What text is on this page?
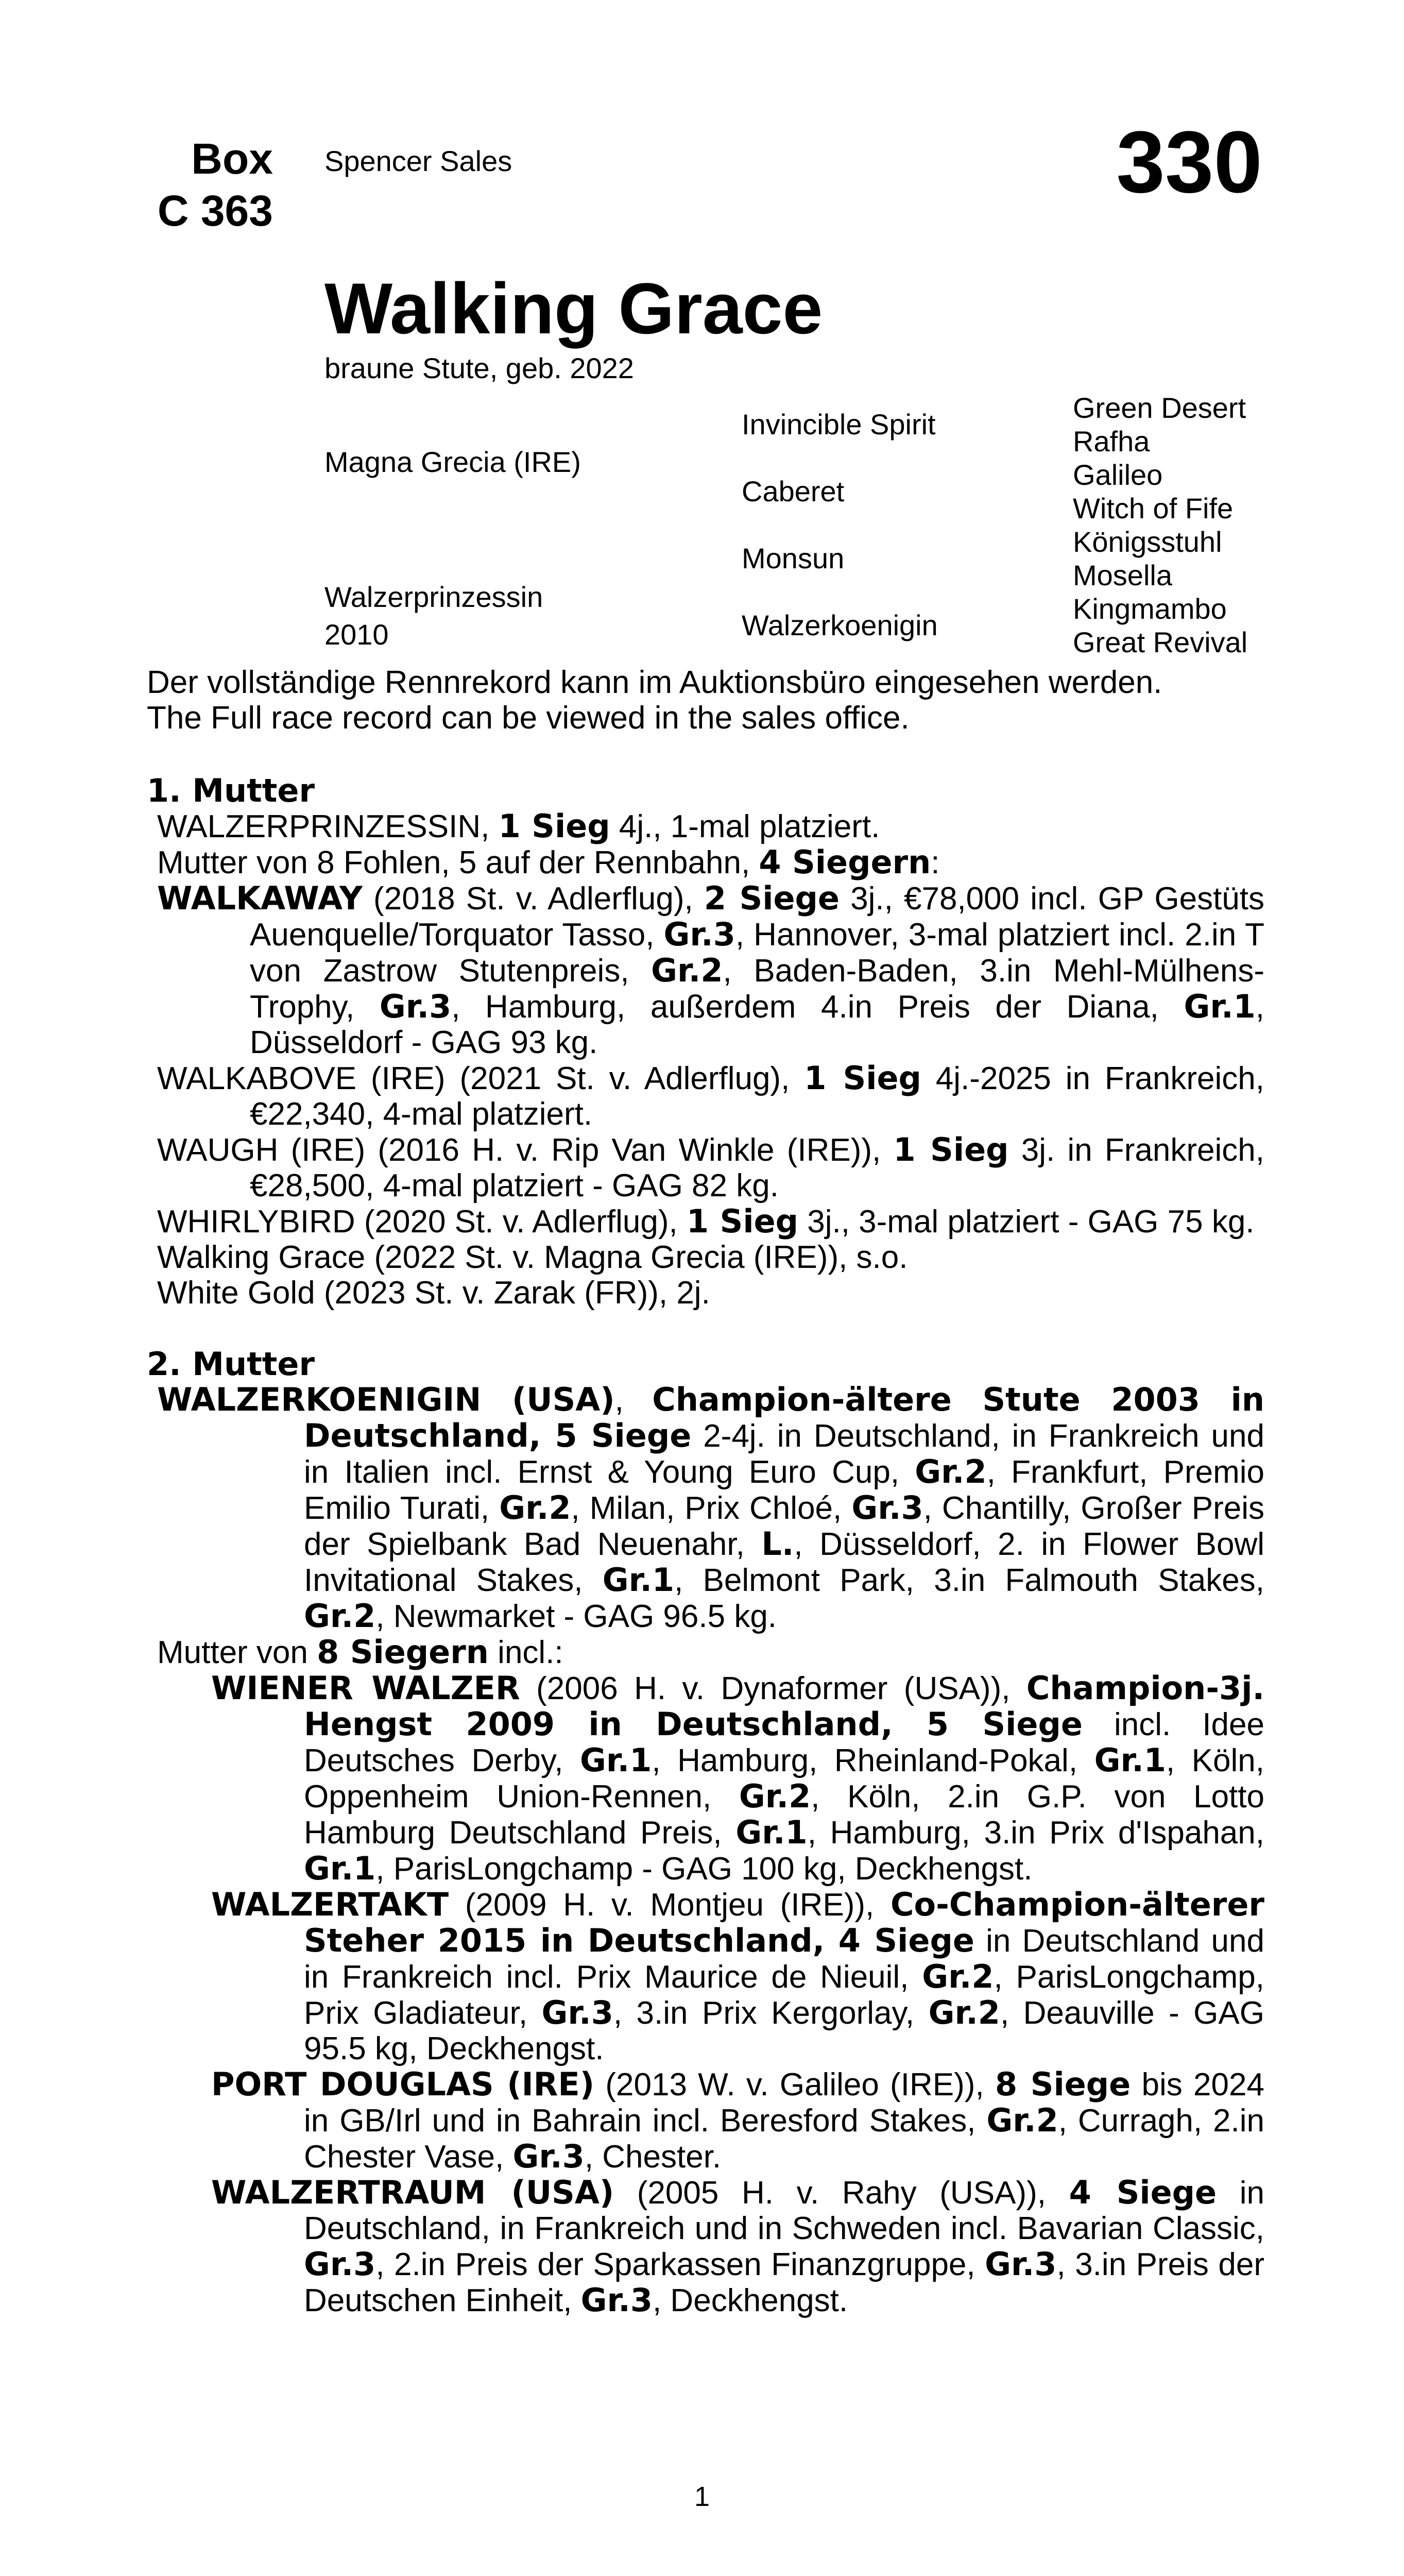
Box
C 363
Spencer Sales	330
Walking Grace
braune Stute, geb. 2022
Magna Grecia (IRE)
Walzerprinzessin
2010
Invincible Spirit
Caberet
Monsun
Walzerkoenigin
Green Desert
Rafha
Galileo
Witch of Fife
Königsstuhl
Mosella
Kingmambo
Great Revival
Der vollständige Rennrekord kann im Auktionsbüro eingesehen werden.
The Full race record can be viewed in the sales office.
1. Mutter
WALZERPRINZESSIN, 1 Sieg 4j., 1-mal platziert.
Mutter von 8 Fohlen, 5 auf der Rennbahn, 4 Siegern:
WALKAWAY (2018 St. v. Adlerflug), 2 Siege 3j., €78,000 incl. GP Gestüts Auenquelle/Torquator Tasso, Gr.3, Hannover, 3-mal platziert incl. 2.in T von Zastrow Stutenpreis, Gr.2, Baden-Baden, 3.in Mehl-Mülhens-Trophy, Gr.3, Hamburg, außerdem 4.in Preis der Diana, Gr.1, Düsseldorf - GAG 93 kg.
WALKABOVE (IRE) (2021 St. v. Adlerflug), 1 Sieg 4j.-2025 in Frankreich, €22,340, 4-mal platziert.
WAUGH (IRE) (2016 H. v. Rip Van Winkle (IRE)), 1 Sieg 3j. in Frankreich, €28,500, 4-mal platziert - GAG 82 kg.
WHIRLYBIRD (2020 St. v. Adlerflug), 1 Sieg 3j., 3-mal platziert - GAG 75 kg.
Walking Grace (2022 St. v. Magna Grecia (IRE)), s.o.
White Gold (2023 St. v. Zarak (FR)), 2j.
2. Mutter
WALZERKOENIGIN (USA), Champion-ältere Stute 2003 in Deutschland, 5 Siege 2-4j. in Deutschland, in Frankreich und in Italien incl. Ernst & Young Euro Cup, Gr.2, Frankfurt, Premio Emilio Turati, Gr.2, Milan, Prix Chloé, Gr.3, Chantilly, Großer Preis der Spielbank Bad Neuenahr, L., Düsseldorf, 2. in Flower Bowl Invitational Stakes, Gr.1, Belmont Park, 3.in Falmouth Stakes, Gr.2, Newmarket - GAG 96.5 kg.
Mutter von 8 Siegern incl.:
WIENER WALZER (2006 H. v. Dynaformer (USA)), Champion-3j. Hengst 2009 in Deutschland, 5 Siege incl. Idee Deutsches Derby, Gr.1, Hamburg, Rheinland-Pokal, Gr.1, Köln, Oppenheim Union-Rennen, Gr.2, Köln, 2.in G.P. von Lotto Hamburg Deutschland Preis, Gr.1, Hamburg, 3.in Prix d'Ispahan, Gr.1, ParisLongchamp - GAG 100 kg, Deckhengst.
WALZERTAKT (2009 H. v. Montjeu (IRE)), Co-Champion-älterer Steher 2015 in Deutschland, 4 Siege in Deutschland und in Frankreich incl. Prix Maurice de Nieuil, Gr.2, ParisLongchamp, Prix Gladiateur, Gr.3, 3.in Prix Kergorlay, Gr.2, Deauville - GAG 95.5 kg, Deckhengst.
PORT DOUGLAS (IRE) (2013 W. v. Galileo (IRE)), 8 Siege bis 2024 in GB/Irl und in Bahrain incl. Beresford Stakes, Gr.2, Curragh, 2.in Chester Vase, Gr.3, Chester.
WALZERTRAUM (USA) (2005 H. v. Rahy (USA)), 4 Siege in Deutschland, in Frankreich und in Schweden incl. Bavarian Classic, Gr.3, 2.in Preis der Sparkassen Finanzgruppe, Gr.3, 3.in Preis der Deutschen Einheit, Gr.3, Deckhengst.
1
